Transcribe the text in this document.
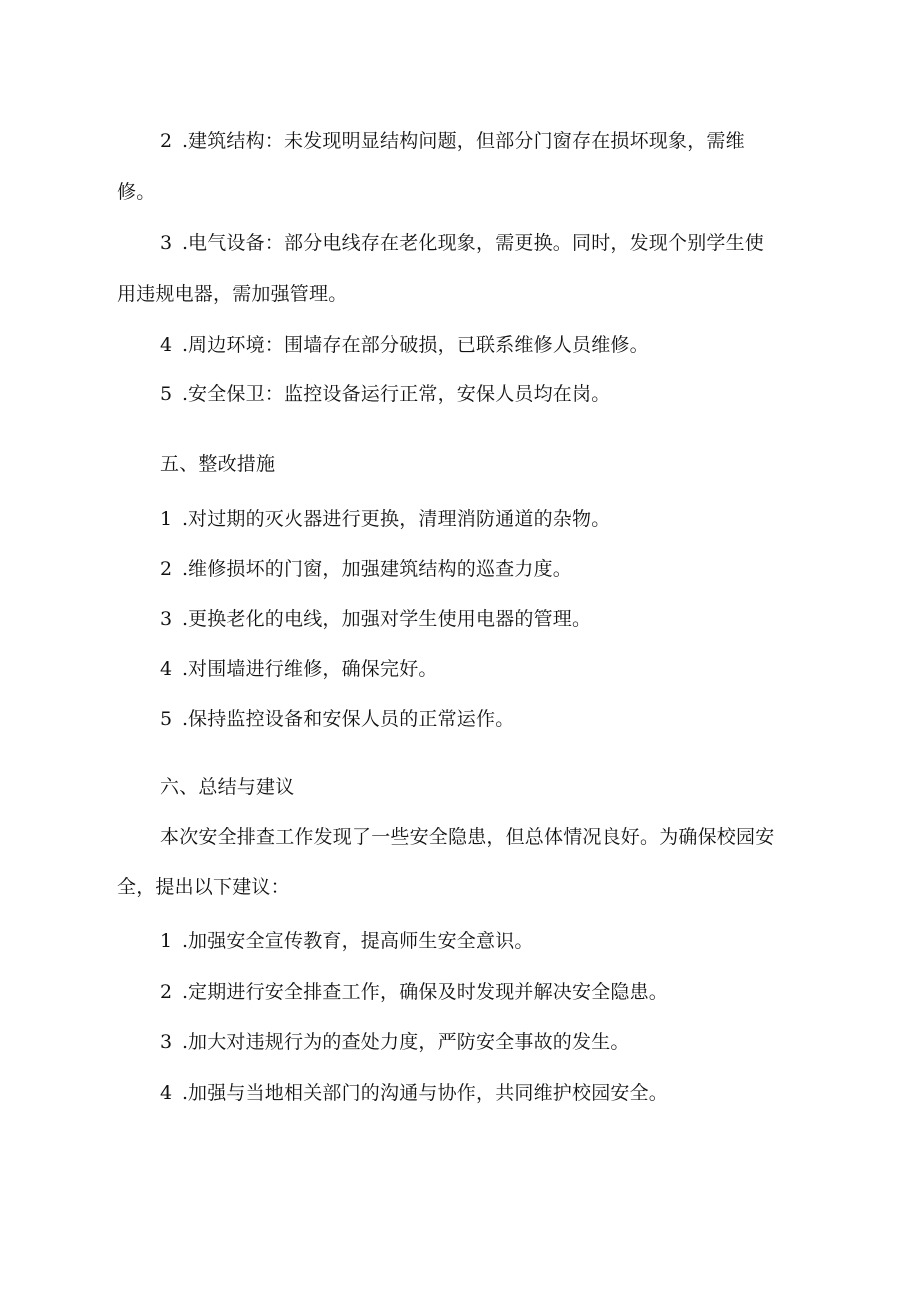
2 .建筑结构：未发现明显结构问题，但部分门窗存在损坏现象，需维
修。
3 .电气设备：部分电线存在老化现象，需更换。同时，发现个别学生使
用违规电器，需加强管理。
4 .周边环境：围墙存在部分破损，已联系维修人员维修。
5 .安全保卫：监控设备运行正常，安保人员均在岗。
五、整改措施
1 .对过期的灭火器进行更换，清理消防通道的杂物。
2 .维修损坏的门窗，加强建筑结构的巡查力度。
3 .更换老化的电线，加强对学生使用电器的管理。
4 .对围墙进行维修，确保完好。
5 .保持监控设备和安保人员的正常运作。
六、总结与建议
本次安全排查工作发现了一些安全隐患，但总体情况良好。为确保校园安
全，提出以下建议：
1 .加强安全宣传教育，提高师生安全意识。
2 .定期进行安全排查工作，确保及时发现并解决安全隐患。
3 .加大对违规行为的查处力度，严防安全事故的发生。
4 .加强与当地相关部门的沟通与协作，共同维护校园安全。
